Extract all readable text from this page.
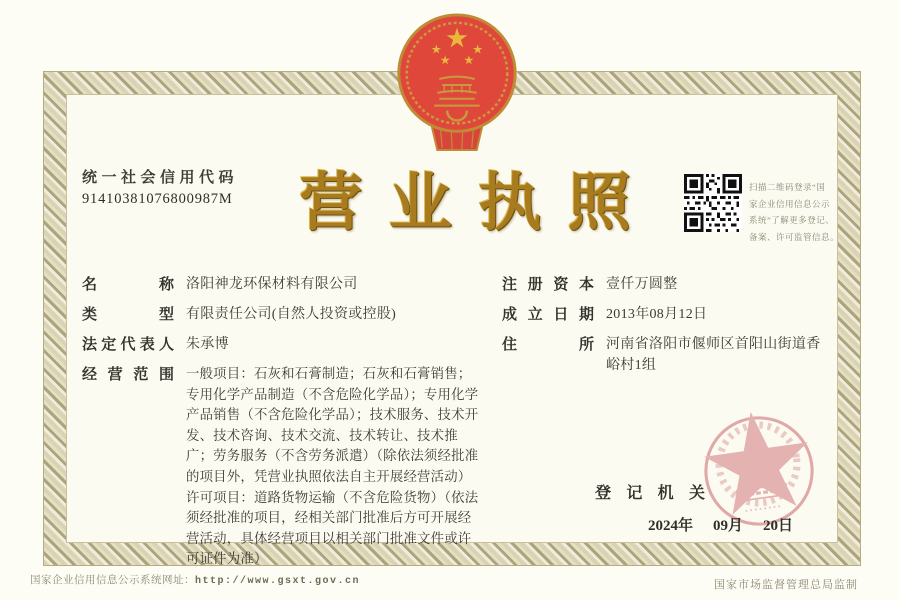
统一社会信用代码
91410381076800987M	营业执照	扫描二维码登录“国
家企业信用信息公示
系统”了解更多登记、
备案、许可监管信息。
名称 洛阳神龙环保材料有限公司
类型 有限责任公司(自然人投资或控股)
法定代表人 朱承博
经营范围 一般项目：石灰和石膏制造；石灰和石膏销售；专用化学产品制造（不含危险化学品）；专用化学产品销售（不含危险化学品）；技术服务、技术开发、技术咨询、技术交流、技术转让、技术推广；劳务服务（不含劳务派遣）（除依法须经批准的项目外，凭营业执照依法自主开展经营活动）许可项目：道路货物运输（不含危险货物）（依法须经批准的项目，经相关部门批准后方可开展经营活动，具体经营项目以相关部门批准文件或许可证件为准）
注册资本 壹仟万圆整
成立日期 2013年08月12日
住所 河南省洛阳市偃师区首阳山街道香峪村1组
登记机关
2024年 09月 20日
国家企业信用信息公示系统网址：http://www.gsxt.gov.cn	国家市场监督管理总局监制
